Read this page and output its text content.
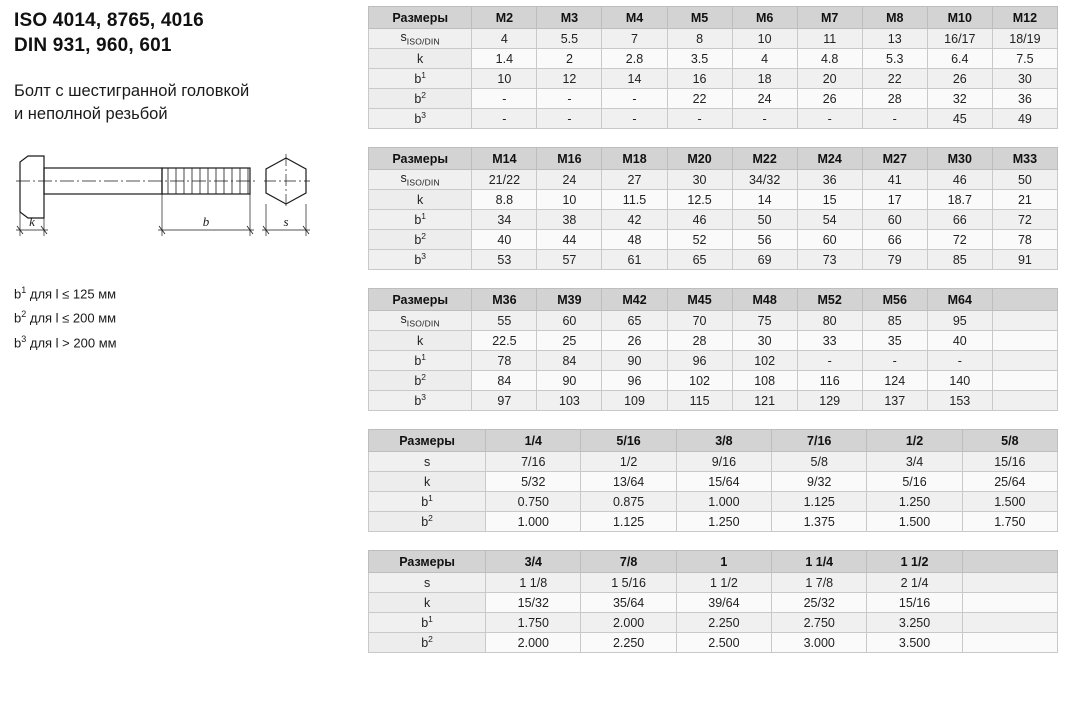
ISO 4014, 8765, 4016
DIN 931, 960, 601
Болт с шестигранной головкой
и неполной резьбой
k	b	s
$b^1$ для l ≤ 125 мм
$b^2$ для l ≤ 200 мм
$b^3$ для l > 200 мм
Размеры	M2	M3	M4	M5	M6	M7	M8	M10	M12
$s_{ISO/DIN}$	4	5.5	7	8	10	11	13	16/17	18/19
k	1.4	2	2.8	3.5	4	4.8	5.3	6.4	7.5
$b^1$	10	12	14	16	18	20	22	26	30
$b^2$	-	-	-	22	24	26	28	32	36
$b^3$	-	-	-	-	-	-	-	45	49
Размеры	M14	M16	M18	M20	M22	M24	M27	M30	M33
$s_{ISO/DIN}$	21/22	24	27	30	34/32	36	41	46	50
k	8.8	10	11.5	12.5	14	15	17	18.7	21
$b^1$	34	38	42	46	50	54	60	66	72
$b^2$	40	44	48	52	56	60	66	72	78
$b^3$	53	57	61	65	69	73	79	85	91
Размеры	M36	M39	M42	M45	M48	M52	M56	M64	
$s_{ISO/DIN}$	55	60	65	70	75	80	85	95	
k	22.5	25	26	28	30	33	35	40	
$b^1$	78	84	90	96	102	-	-	-	
$b^2$	84	90	96	102	108	116	124	140	
$b^3$	97	103	109	115	121	129	137	153	
Размеры	1/4	5/16	3/8	7/16	1/2	5/8
s	7/16	1/2	9/16	5/8	3/4	15/16
k	5/32	13/64	15/64	9/32	5/16	25/64
$b^1$	0.750	0.875	1.000	1.125	1.250	1.500
$b^2$	1.000	1.125	1.250	1.375	1.500	1.750
Размеры	3/4	7/8	1	1 1/4	1 1/2	
s	1 1/8	1 5/16	1 1/2	1 7/8	2 1/4	
k	15/32	35/64	39/64	25/32	15/16	
$b^1$	1.750	2.000	2.250	2.750	3.250	
$b^2$	2.000	2.250	2.500	3.000	3.500	
